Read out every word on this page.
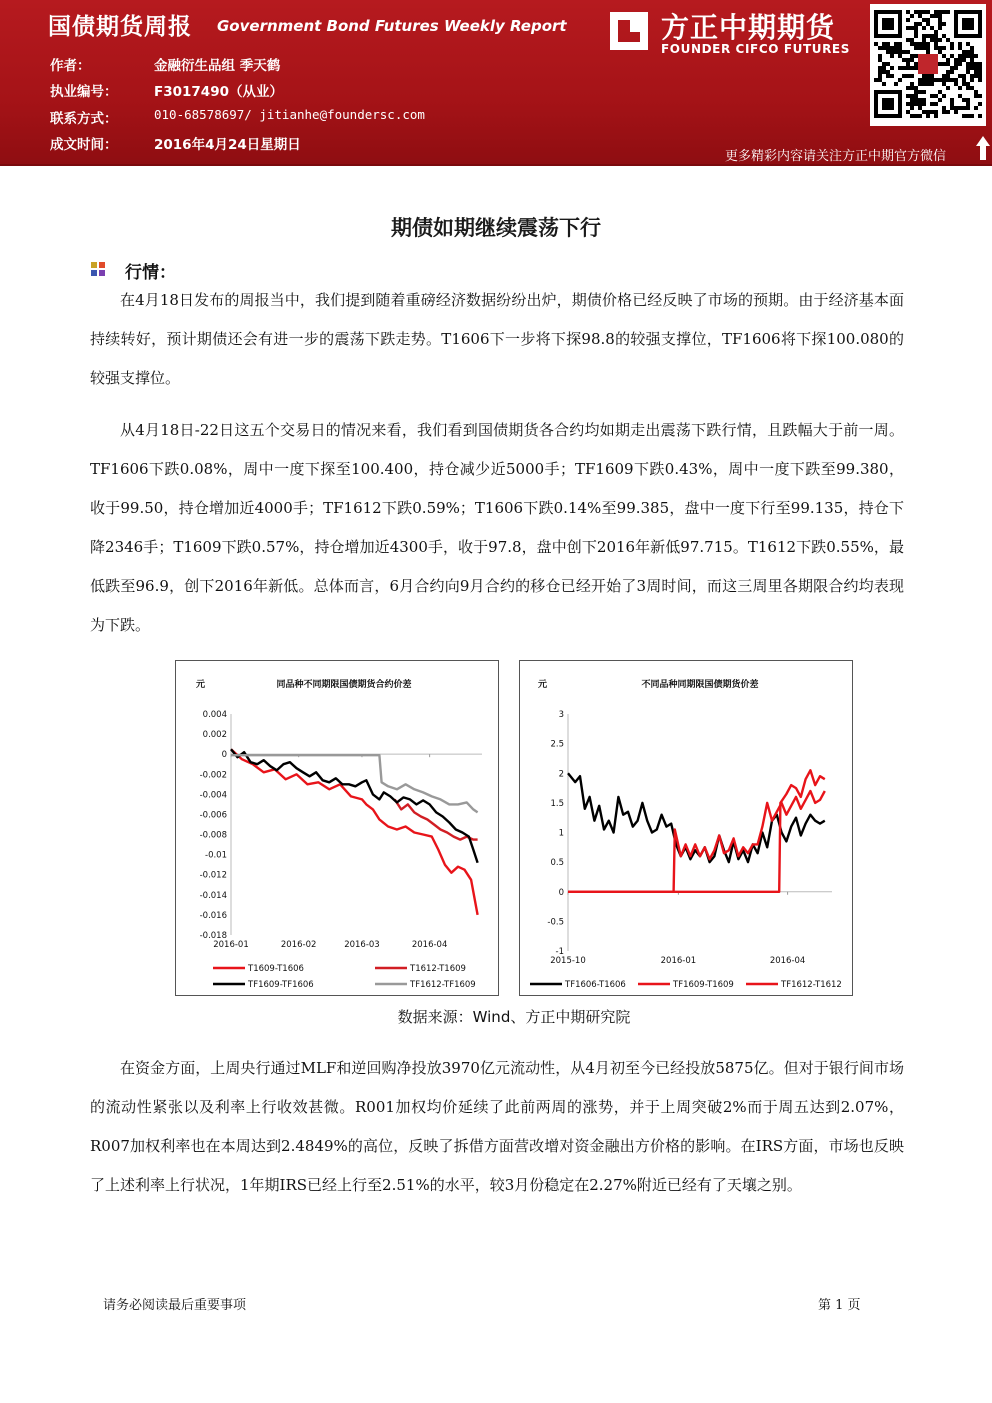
国债期货周报 Government Bond Futures Weekly Report
作者：	金融衍生品组 季天鹤
执业编号：	F3017490（从业）
联系方式：	010-68578697/ jitianhe@foundersc.com
成文时间：	2016年4月24日星期日
方正中期期货
FOUNDER CIFCO FUTURES
更多精彩内容请关注方正中期官方微信
期债如期继续震荡下行
行情：

在4月18日发布的周报当中，我们提到随着重磅经济数据纷纷出炉，期债价格已经反映了市场的预期。由于经济基本面持续转好，预计期债还会有进一步的震荡下跌走势。T1606下一步将下探98.8的较强支撑位，TF1606将下探100.080的较强支撑位。

从4月18日-22日这五个交易日的情况来看，我们看到国债期货各合约均如期走出震荡下跌行情，且跌幅大于前一周。TF1606下跌0.08%，周中一度下探至100.400，持仓减少近5000手；TF1609下跌0.43%，周中一度下跌至99.380，收于99.50，持仓增加近4000手；TF1612下跌0.59%；T1606下跌0.14%至99.385，盘中一度下行至99.135，持仓下降2346手；T1609下跌0.57%，持仓增加近4300手，收于97.8，盘中创下2016年新低97.715。T1612下跌0.55%，最低跌至96.9，创下2016年新低。总体而言，6月合约向9月合约的移仓已经开始了3周时间，而这三周里各期限合约均表现为下跌。

同品种不同期限国债期货合约价差
元
0.004
0.002
0
-0.002
-0.004
-0.006
-0.008
-0.01
-0.012
-0.014
-0.016
-0.018
2016-01	2016-02	2016-03	2016-04
T1609-T1606	T1612-T1609
TF1609-TF1606	TF1612-TF1609
不同品种同期限国债期货价差
元
3
2.5
2
1.5
1
0.5
0
-0.5
-1
2015-10	2016-01	2016-04
TF1606-T1606	TF1609-T1609	TF1612-T1612
数据来源：Wind、方正中期研究院

在资金方面，上周央行通过MLF和逆回购净投放3970亿元流动性，从4月初至今已经投放5875亿。但对于银行间市场的流动性紧张以及利率上行收效甚微。R001加权均价延续了此前两周的涨势，并于上周突破2%而于周五达到2.07%，R007加权利率也在本周达到2.4849%的高位，反映了拆借方面营改增对资金融出方价格的影响。在IRS方面，市场也反映了上述利率上行状况，1年期IRS已经上行至2.51%的水平，较3月份稳定在2.27%附近已经有了天壤之别。

请务必阅读最后重要事项	第 1 页
